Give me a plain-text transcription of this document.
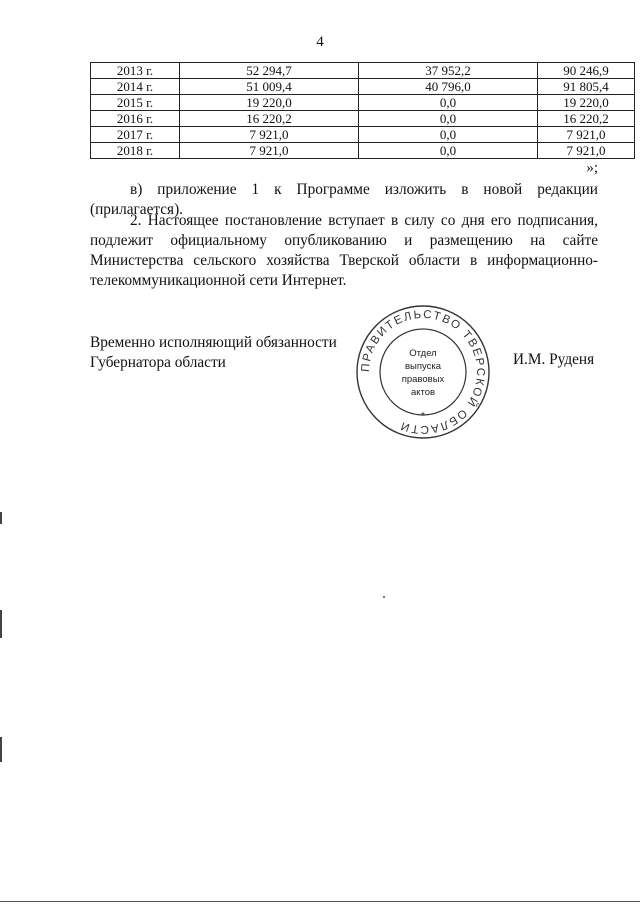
4
2013 г.	52 294,7	37 952,2	90 246,9
2014 г.	51 009,4	40 796,0	91 805,4
2015 г.	19 220,0	0,0	19 220,0
2016 г.	16 220,2	0,0	16 220,2
2017 г.	7 921,0	0,0	7 921,0
2018 г.	7 921,0	0,0	7 921,0
»;
в) приложение 1 к Программе изложить в новой редакции (прилагается).
2. Настоящее постановление вступает в силу со дня его подписания, подлежит официальному опубликованию и размещению на сайте Министерства сельского хозяйства Тверской области в информационно-телекоммуникационной сети Интернет.
Временно исполняющий обязанности
Губернатора области	ПРАВИТЕЛЬСТВО ТВЕРСКОЙ ОБЛАСТИ
Отдел
выпуска
правовых
актов
*
И.М. Руденя
